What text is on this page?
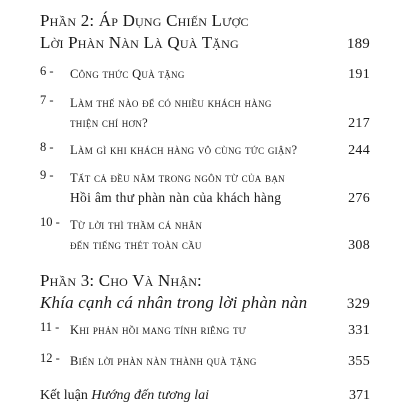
Phần 2: Áp Dụng Chiến Lược
Lời Phàn Nàn Là Quà Tặng	189
6 -	Công thức Quà tặng	191
7 -	Làm thế nào để có nhiều khách hàng
thiện chí hơn?	217
8 -	Làm gì khi khách hàng vô cùng tức giận?	244
9 -	Tất cả đều nằm trong ngôn từ của bạn
Hồi âm thư phàn nàn của khách hàng	276
10 - Từ lời thì thầm cá nhân
đến tiếng thét toàn cầu	308
Phần 3: Cho Và Nhận:
Khía cạnh cá nhân trong lời phàn nàn	329
11 - Khi phản hồi mang tính riêng tư	331
12 - Biến lời phàn nàn thành quà tặng	355
Kết luận Hướng đến tương lai	371
